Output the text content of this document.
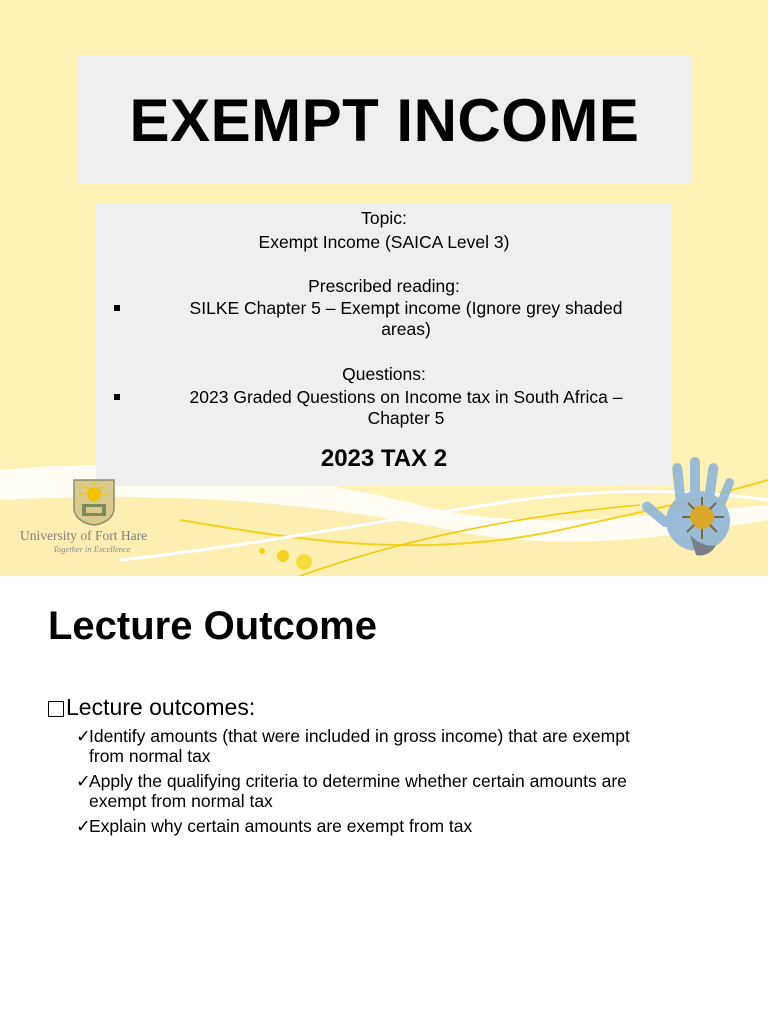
EXEMPT INCOME
Topic:
Exempt Income (SAICA Level 3)
Prescribed reading:
SILKE Chapter 5 – Exempt income (Ignore grey shaded
areas)
Questions:
2023 Graded Questions on Income tax in South Africa –
Chapter 5
2023 TAX 2
University of Fort Hare
Together in Excellence
Lecture Outcome
Lecture outcomes:
✓Identify amounts (that were included in gross income) that are exempt
from normal tax
✓Apply the qualifying criteria to determine whether certain amounts are
exempt from normal tax
✓Explain why certain amounts are exempt from tax
